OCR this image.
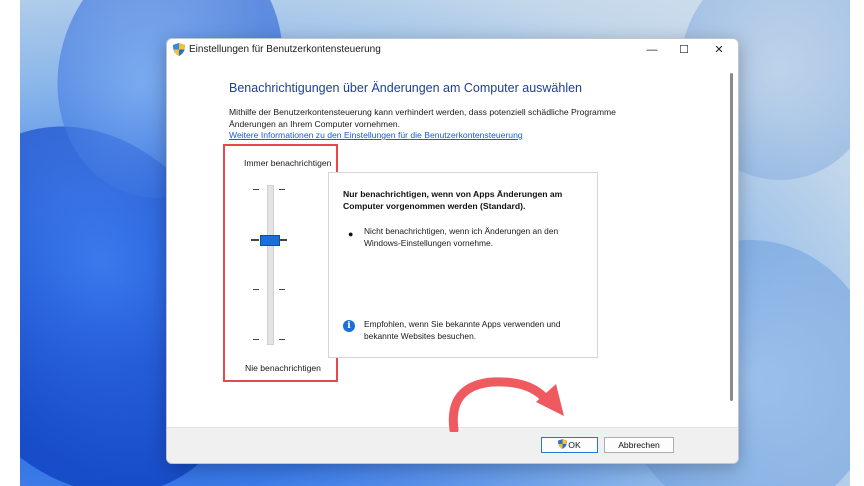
Einstellungen für Benutzerkontensteuerung	—	☐	✕
Benachrichtigungen über Änderungen am Computer auswählen
Mithilfe der Benutzerkontensteuerung kann verhindert werden, dass potenziell schädliche Programme Änderungen an Ihrem Computer vornehmen.
Weitere Informationen zu den Einstellungen für die Benutzerkontensteuerung
Immer benachrichtigen
Nie benachrichtigen
Nur benachrichtigen, wenn von Apps Änderungen am Computer vorgenommen werden (Standard).
● Nicht benachrichtigen, wenn ich Änderungen an den Windows-Einstellungen vornehme.
i	Empfohlen, wenn Sie bekannte Apps verwenden und bekannte Websites besuchen.
OK	Abbrechen
